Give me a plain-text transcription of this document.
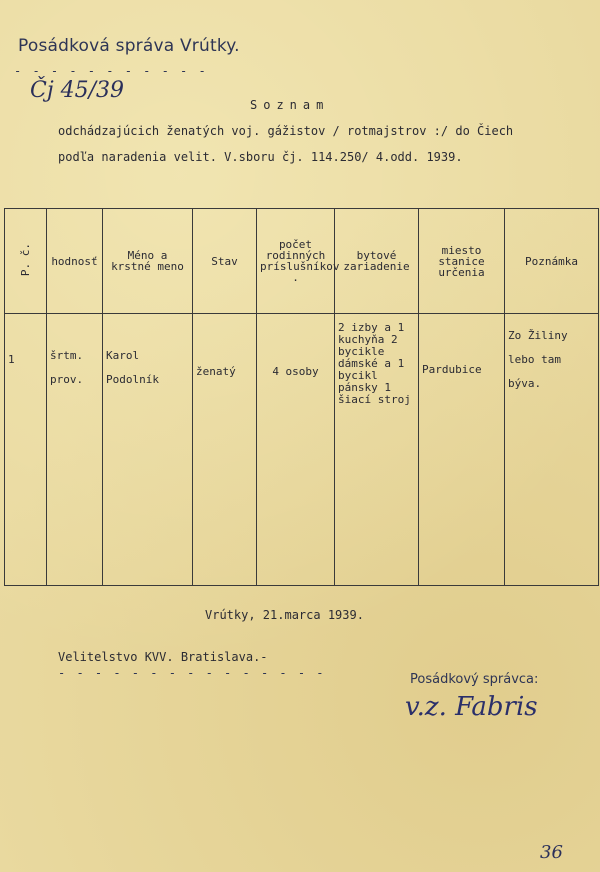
Posádková správa Vrútky.
- - - - - - - - - - -
Čj 45/39
Soznam
odchádzajúcich ženatých voj. gážistov / rotmajstrov :/ do Čiech
podľa naradenia velit. V.sboru čj. 114.250/ 4.odd. 1939.
P. č.	hodnosť	Méno a krstné meno	Stav	počet rodinných príslušníkov .	bytové zariadenie	miesto stanice určenia	Poznámka

1	šrtm. prov.	Karol Podolník	ženatý	4 osoby	2 izby a 1 kuchyňa 2 bycikle dámské a 1 bycikl pánsky 1 šiací stroj	Pardubice	Zo Žiliny lebo tam býva.
Vrútky, 21.marca 1939.
Velitelstvo KVV. Bratislava.-
- - - - - - - - - - - - - - -	Posádkový správca:
v.z. Fabris
36
